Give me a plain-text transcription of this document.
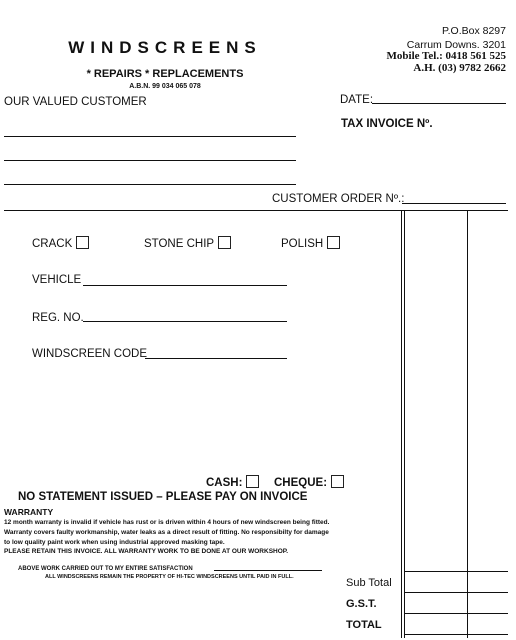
WINDSCREENS
* REPAIRS * REPLACEMENTS
A.B.N. 99 034 065 078
P.O.Box 8297
Carrum Downs. 3201
Mobile Tel.: 0418 561 525
A.H. (03) 9782 2662
OUR VALUED CUSTOMER	DATE:
TAX INVOICE Nº.
CUSTOMER ORDER Nº.:
CRACK	STONE CHIP	POLISH
VEHICLE
REG. NO.
WINDSCREEN CODE
CASH:	CHEQUE:
NO STATEMENT ISSUED – PLEASE PAY ON INVOICE
WARRANTY
12 month warranty is invalid if vehicle has rust or is driven within 4 hours of new windscreen being fitted.
Warranty covers faulty workmanship, water leaks as a direct result of fitting. No responsibilty for damage
to low quality paint work when using industrial approved masking tape.
PLEASE RETAIN THIS INVOICE. ALL WARRANTY WORK TO BE DONE AT OUR WORKSHOP.
ABOVE WORK CARRIED OUT TO MY ENTIRE SATISFACTION
ALL WINDSCREENS REMAIN THE PROPERTY OF HI-TEC WINDSCREENS UNTIL PAID IN FULL.	Sub Total
G.S.T.
TOTAL
